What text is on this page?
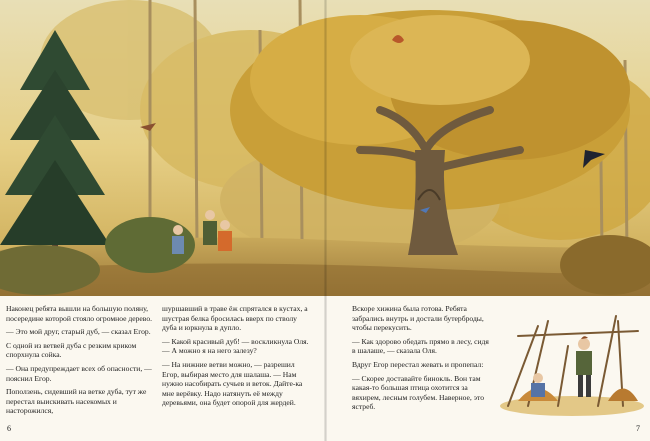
Наконец ребята вышли на большую поляну, посередине которой стояло огромное дерево.

— Это мой друг, старый дуб, — сказал Егор.

С одной из ветвей дуба с резким криком спорхнула сойка.

— Она предупреждает всех об опасности, — пояснил Егор.

Поползень, сидевший на ветке дуба, тут же перестал выискивать насекомых и насторожился,

шуршавший в траве ёж спрятался в кустах, а шустрая белка бросилась вверх по стволу дуба и юркнула в дупло.

— Какой красивый дуб! — воскликнула Оля. — А можно я на него залезу?

— На нижние ветви можно, — разрешил Егор, выбирая место для шалаша. — Нам нужно насобирать сучьев и веток. Дайте-ка мне верёвку. Надо натянуть её между деревьями, она будет опорой для жердей.

Вскоре хижина была готова. Ребята забрались внутрь и достали бутерброды, чтобы перекусить.

— Как здорово обедать прямо в лесу, сидя в шалаше, — сказала Оля.

Вдруг Егор перестал жевать и пропепал:

— Скорее доставайте бинокль. Вон там какая-то большая птица охотится за вяхирем, лесным голубем. Наверное, это ястреб.

6	7
